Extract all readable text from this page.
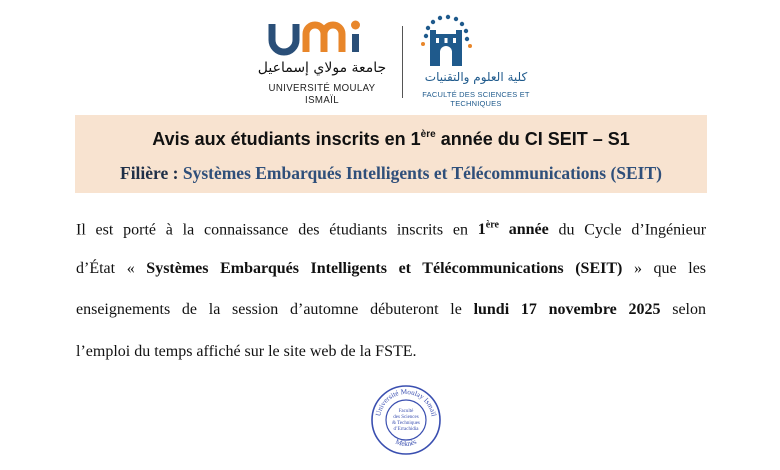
جامعة مولاي إسماعيل
UNIVERSITÉ MOULAY ISMAÏL
كلية العلوم والتقنيات
FACULTÉ DES SCIENCES ET TECHNIQUES
Avis aux étudiants inscrits en 1ère année du CI SEIT – S1
Filière : Systèmes Embarqués Intelligents et Télécommunications (SEIT)
Il est porté à la connaissance des étudiants inscrits en 1ère année du Cycle d’Ingénieur
d’État « Systèmes Embarqués Intelligents et Télécommunications (SEIT) » que les
enseignements de la session d’automne débuteront le lundi 17 novembre 2025 selon
l’emploi du temps affiché sur le site web de la FSTE.
Université Moulay Ismaïl
Meknès
Faculté
des Sciences
& Techniques
d’Errachidia
